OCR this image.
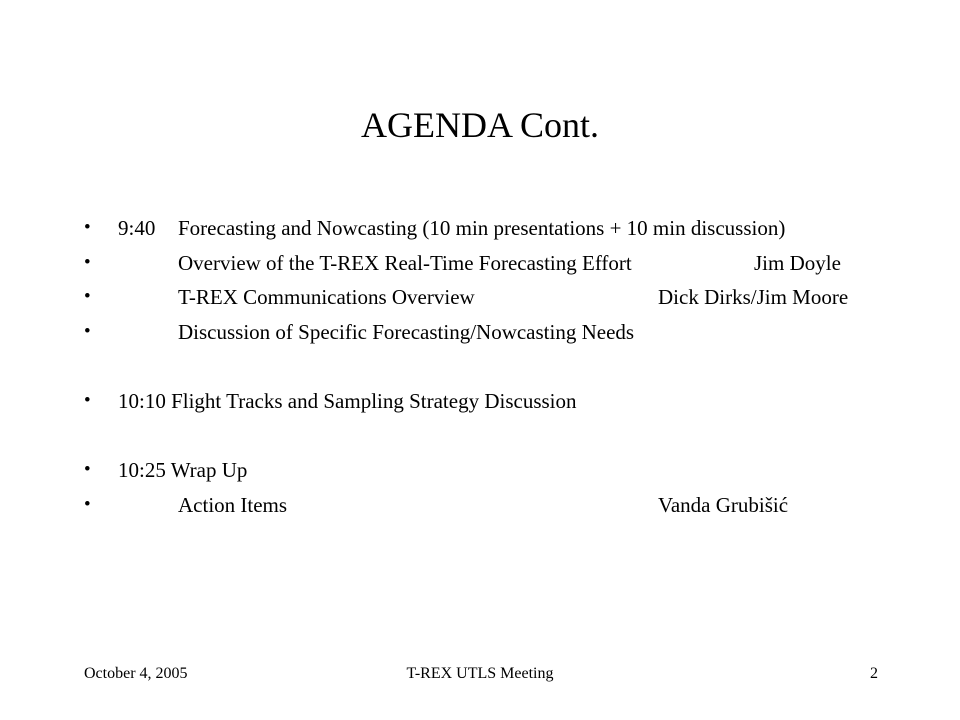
AGENDA Cont.
• 9:40 Forecasting and Nowcasting (10 min presentations + 10 min discussion)
•	Overview of the T-REX Real-Time Forecasting Effort	Jim Doyle
•	T-REX Communications Overview	Dick Dirks/Jim Moore
•	Discussion of Specific Forecasting/Nowcasting Needs
• 10:10 Flight Tracks and Sampling Strategy Discussion
• 10:25 Wrap Up
•	Action Items	Vanda Grubišić
October 4, 2005	T-REX UTLS Meeting	2
